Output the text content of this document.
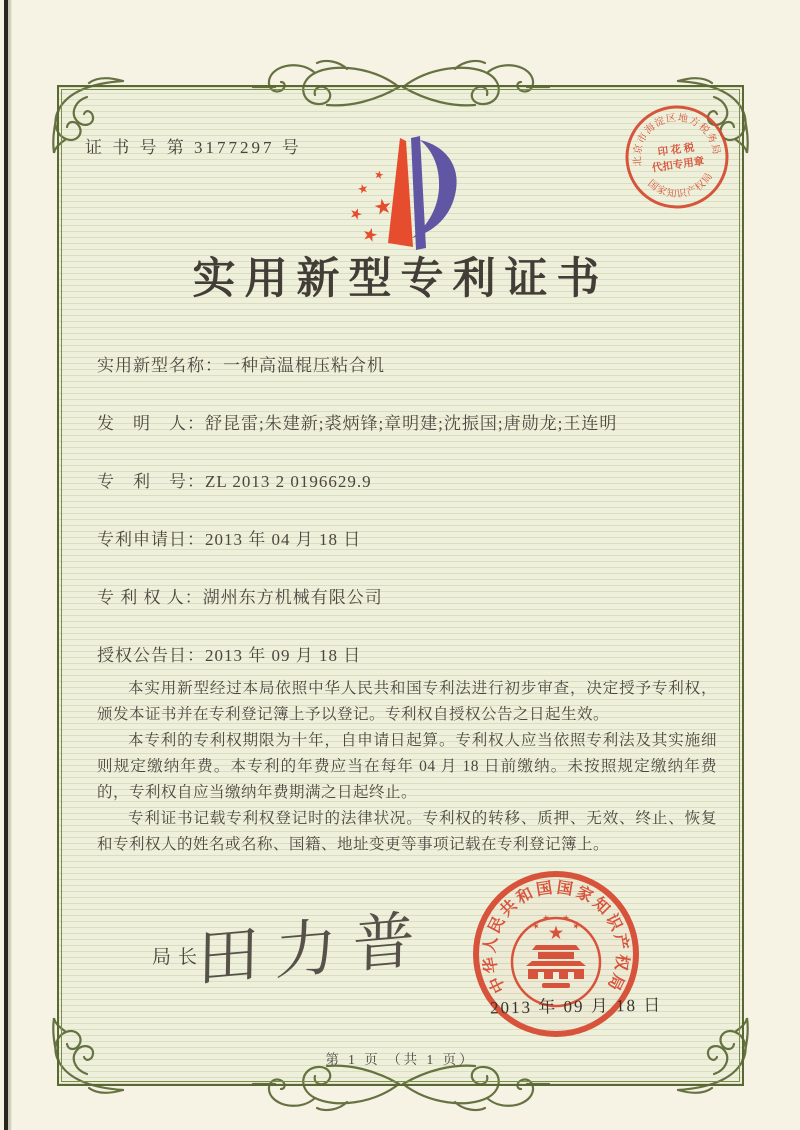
证 书 号 第 3177297 号
北京市海淀区地方税务局
国家知识产权局
印 花 税
代扣专用章
实用新型专利证书
实用新型名称：一种高温棍压粘合机
发　明　人：舒昆雷;朱建新;裘炳锋;章明建;沈振国;唐勋龙;王连明
专　利　号：ZL 2013 2 0196629.9
专利申请日：2013 年 04 月 18 日
专 利 权 人：湖州东方机械有限公司
授权公告日：2013 年 09 月 18 日

本实用新型经过本局依照中华人民共和国专利法进行初步审查，决定授予专利权，颁发本证书并在专利登记簿上予以登记。专利权自授权公告之日起生效。

本专利的专利权期限为十年，自申请日起算。专利权人应当依照专利法及其实施细则规定缴纳年费。本专利的年费应当在每年 04 月 18 日前缴纳。未按照规定缴纳年费的，专利权自应当缴纳年费期满之日起终止。

专利证书记载专利权登记时的法律状况。专利权的转移、质押、无效、终止、恢复和专利权人的姓名或名称、国籍、地址变更等事项记载在专利登记簿上。

局长
田力普	中华人民共和国国家知识产权局
2013 年 09 月 18 日
第 1 页 （共 1 页）
